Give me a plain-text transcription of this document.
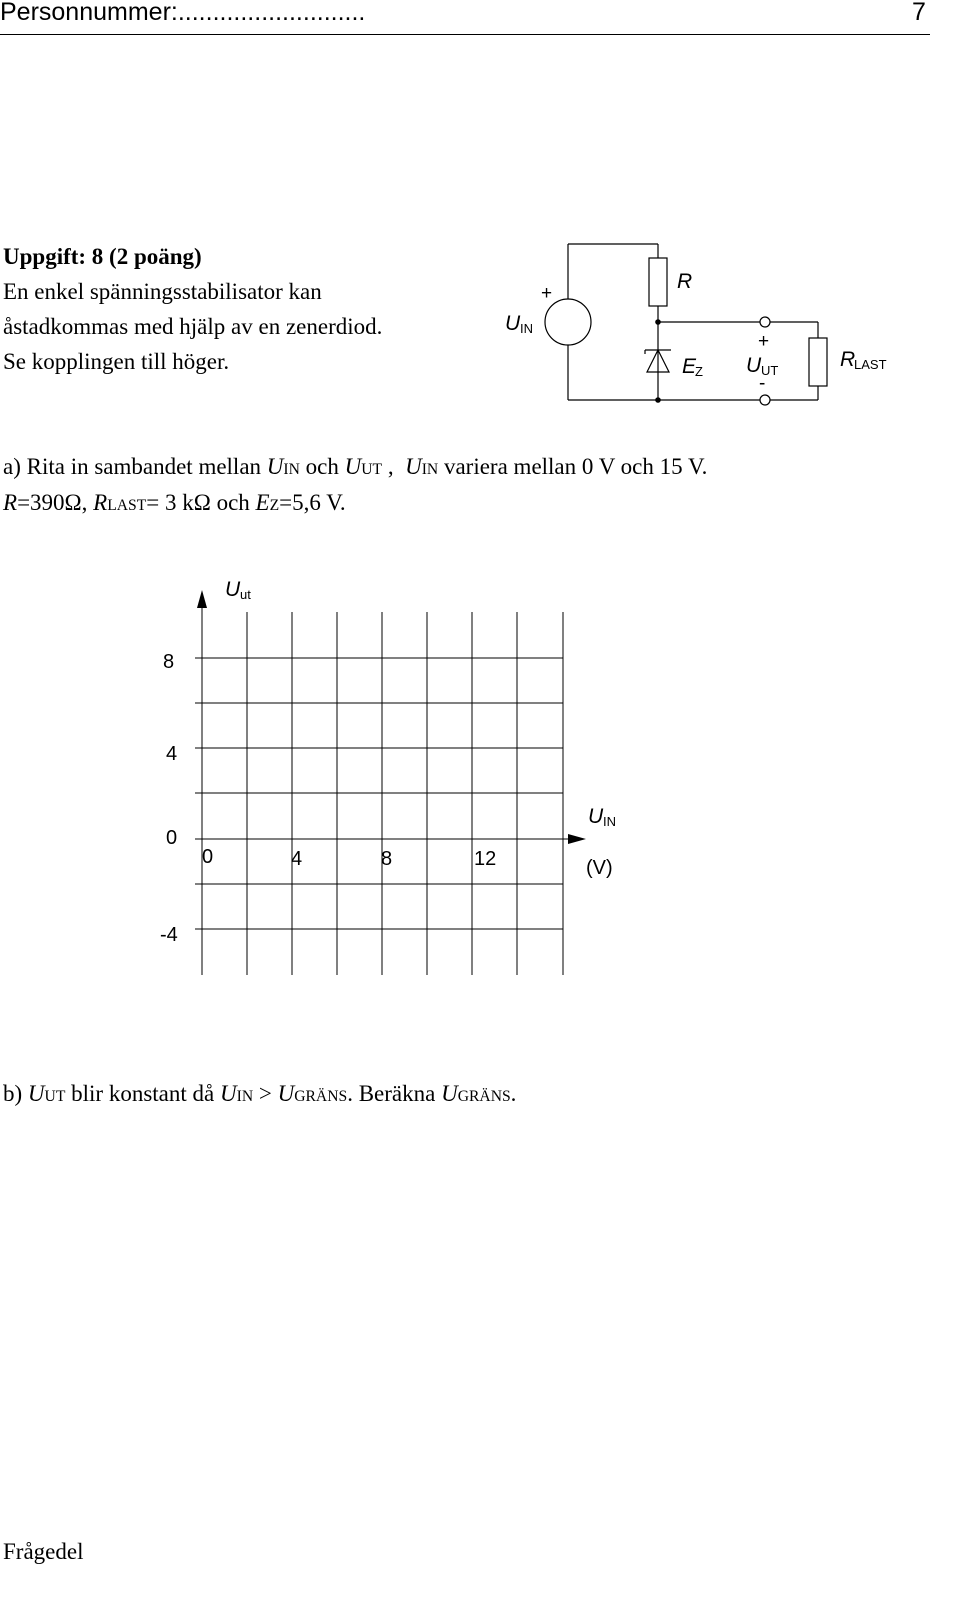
Personnummer:...........................	7
Uppgift: 8 (2 poäng)
En enkel spänningsstabilisator kan
åstadkommas med hjälp av en zenerdiod.
Se kopplingen till höger.
+
U IN
R
E
Z
+
U UT
-
R
LAST
a) Rita in sambandet mellan UIN och UUT ,  UIN variera mellan 0 V och 15 V.
R=390Ω, RLAST= 3 kΩ och EZ=5,6 V.
U ut
8
4
0
-4
0	4	8	12
U IN
(V)
b) UUT blir konstant då UIN > UGRÄNS. Beräkna UGRÄNS.
Frågedel
